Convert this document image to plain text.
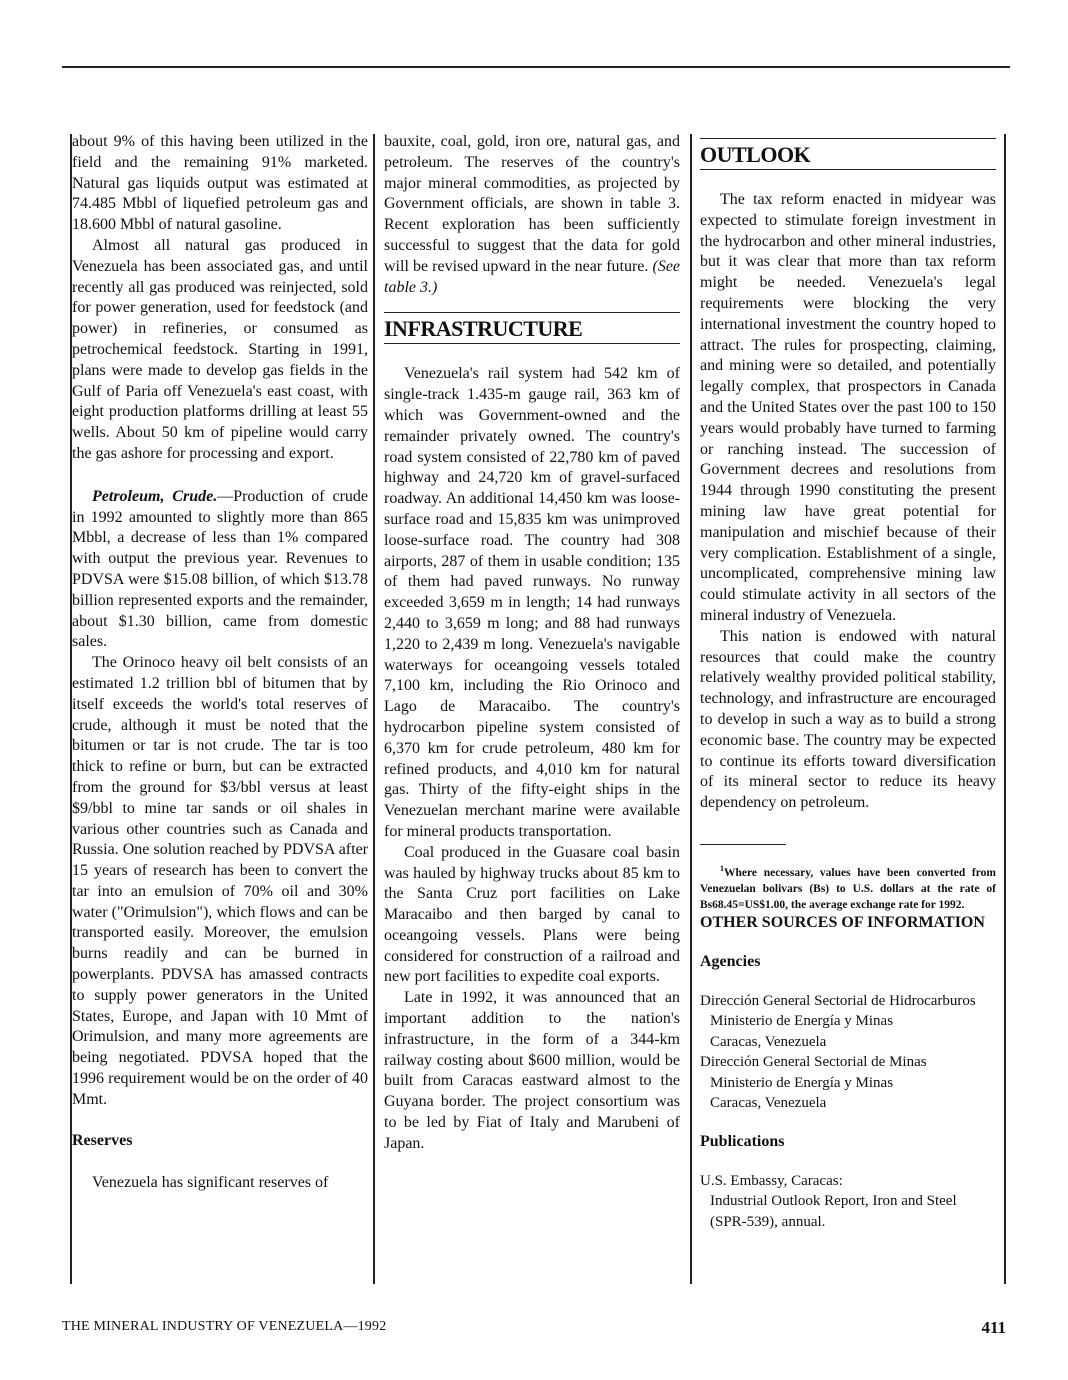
about 9% of this having been utilized in the field and the remaining 91% marketed. Natural gas liquids output was estimated at 74.485 Mbbl of liquefied petroleum gas and 18.600 Mbbl of natural gasoline.

Almost all natural gas produced in Venezuela has been associated gas, and until recently all gas produced was reinjected, sold for power generation, used for feedstock (and power) in refineries, or consumed as petrochemical feedstock. Starting in 1991, plans were made to develop gas fields in the Gulf of Paria off Venezuela's east coast, with eight production platforms drilling at least 55 wells. About 50 km of pipeline would carry the gas ashore for processing and export.

Petroleum, Crude.—Production of crude in 1992 amounted to slightly more than 865 Mbbl, a decrease of less than 1% compared with output the previous year. Revenues to PDVSA were $15.08 billion, of which $13.78 billion represented exports and the remainder, about $1.30 billion, came from domestic sales.

The Orinoco heavy oil belt consists of an estimated 1.2 trillion bbl of bitumen that by itself exceeds the world's total reserves of crude, although it must be noted that the bitumen or tar is not crude. The tar is too thick to refine or burn, but can be extracted from the ground for $3/bbl versus at least $9/bbl to mine tar sands or oil shales in various other countries such as Canada and Russia. One solution reached by PDVSA after 15 years of research has been to convert the tar into an emulsion of 70% oil and 30% water ("Orimulsion"), which flows and can be transported easily. Moreover, the emulsion burns readily and can be burned in powerplants. PDVSA has amassed contracts to supply power generators in the United States, Europe, and Japan with 10 Mmt of Orimulsion, and many more agreements are being negotiated. PDVSA hoped that the 1996 requirement would be on the order of 40 Mmt.

Reserves

Venezuela has significant reserves of

bauxite, coal, gold, iron ore, natural gas, and petroleum. The reserves of the country's major mineral commodities, as projected by Government officials, are shown in table 3. Recent exploration has been sufficiently successful to suggest that the data for gold will be revised upward in the near future. (See table 3.)

INFRASTRUCTURE

Venezuela's rail system had 542 km of single-track 1.435-m gauge rail, 363 km of which was Government-owned and the remainder privately owned. The country's road system consisted of 22,780 km of paved highway and 24,720 km of gravel-surfaced roadway. An additional 14,450 km was loose-surface road and 15,835 km was unimproved loose-surface road. The country had 308 airports, 287 of them in usable condition; 135 of them had paved runways. No runway exceeded 3,659 m in length; 14 had runways 2,440 to 3,659 m long; and 88 had runways 1,220 to 2,439 m long. Venezuela's navigable waterways for oceangoing vessels totaled 7,100 km, including the Rio Orinoco and Lago de Maracaibo. The country's hydrocarbon pipeline system consisted of 6,370 km for crude petroleum, 480 km for refined products, and 4,010 km for natural gas. Thirty of the fifty-eight ships in the Venezuelan merchant marine were available for mineral products transportation.

Coal produced in the Guasare coal basin was hauled by highway trucks about 85 km to the Santa Cruz port facilities on Lake Maracaibo and then barged by canal to oceangoing vessels. Plans were being considered for construction of a railroad and new port facilities to expedite coal exports.

Late in 1992, it was announced that an important addition to the nation's infrastructure, in the form of a 344-km railway costing about $600 million, would be built from Caracas eastward almost to the Guyana border. The project consortium was to be led by Fiat of Italy and Marubeni of Japan.

OUTLOOK

The tax reform enacted in midyear was expected to stimulate foreign investment in the hydrocarbon and other mineral industries, but it was clear that more than tax reform might be needed. Venezuela's legal requirements were blocking the very international investment the country hoped to attract. The rules for prospecting, claiming, and mining were so detailed, and potentially legally complex, that prospectors in Canada and the United States over the past 100 to 150 years would probably have turned to farming or ranching instead. The succession of Government decrees and resolutions from 1944 through 1990 constituting the present mining law have great potential for manipulation and mischief because of their very complication. Establishment of a single, uncomplicated, comprehensive mining law could stimulate activity in all sectors of the mineral industry of Venezuela.

This nation is endowed with natural resources that could make the country relatively wealthy provided political stability, technology, and infrastructure are encouraged to develop in such a way as to build a strong economic base. The country may be expected to continue its efforts toward diversification of its mineral sector to reduce its heavy dependency on petroleum.

$^1$Where necessary, values have been converted from Venezuelan bolivars (Bs) to U.S. dollars at the rate of Bs68.45=US$1.00, the average exchange rate for 1992.

OTHER SOURCES OF INFORMATION
Agencies
Dirección General Sectorial de Hidrocarburos
Ministerio de Energía y Minas
Caracas, Venezuela
Dirección General Sectorial de Minas
Ministerio de Energía y Minas
Caracas, Venezuela
Publications
U.S. Embassy, Caracas:
Industrial Outlook Report, Iron and Steel (SPR-539), annual.
THE MINERAL INDUSTRY OF VENEZUELA—1992	411
